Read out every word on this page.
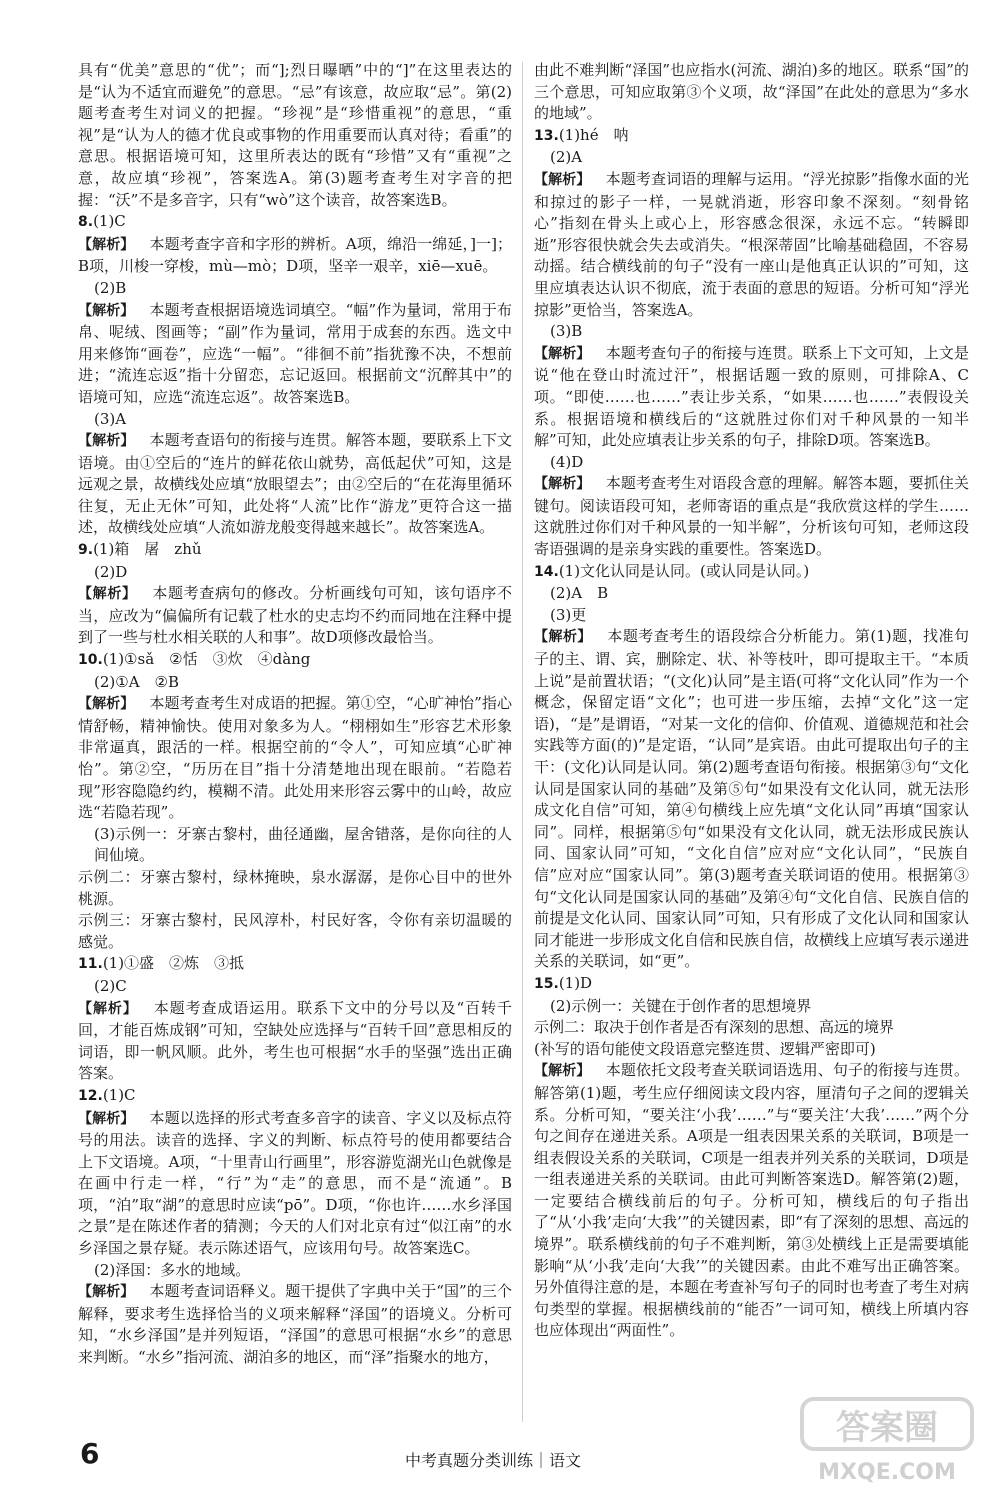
具有“优美”意思的“优”；而“];烈日曝晒”中的“]”在这里表达的是“认为不适宜而避免”的意思。“忌”有该意，故应取“忌”。第(2)题考查考生对词义的把握。“珍视”是“珍惜重视”的意思，“重视”是“认为人的德才优良或事物的作用重要而认真对待；看重”的意思。根据语境可知，这里所表达的既有“珍惜”又有“重视”之意，故应填“珍视”，答案选A。第(3)题考查考生对字音的把握：“沃”不是多音字，只有“wò”这个读音，故答案选B。

8.(1)C

【解析】  本题考查字音和字形的辨析。A项，绵沿一绵延，]一]；B项，川梭一穿梭，mù—mò；D项，坚辛一艰辛，xiē—xuē。

(2)B

【解析】  本题考查根据语境选词填空。“幅”作为量词，常用于布帛、呢绒、图画等；“副”作为量词，常用于成套的东西。选文中用来修饰“画卷”，应选“一幅”。“徘徊不前”指犹豫不决，不想前进；“流连忘返”指十分留恋，忘记返回。根据前文“沉醉其中”的语境可知，应选“流连忘返”。故答案选B。

(3)A

【解析】  本题考查语句的衔接与连贯。解答本题，要联系上下文语境。由①空后的“连片的鲜花依山就势，高低起伏”可知，这是远观之景，故横线处应填“放眼望去”；由②空后的“在花海里循环往复，无止无休”可知，此处将“人流”比作“游龙”更符合这一描述，故横线处应填“人流如游龙般变得越来越长”。故答案选A。

9.(1)箱　屠　zhǔ

(2)D

【解析】  本题考查病句的修改。分析画线句可知，该句语序不当，应改为“偏偏所有记载了杜水的史志均不约而同地在注释中提到了一些与杜水相关联的人和事”。故D项修改最恰当。

10.(1)①sǎ　②恬　③炊　④dàng

(2)①A　②B

【解析】  本题考查考生对成语的把握。第①空，“心旷神怡”指心情舒畅，精神愉快。使用对象多为人。“栩栩如生”形容艺术形象非常逼真，跟活的一样。根据空前的“令人”，可知应填“心旷神怡”。第②空，“历历在目”指十分清楚地出现在眼前。“若隐若现”形容隐隐约约，模糊不清。此处用来形容云雾中的山岭，故应选“若隐若现”。

(3)示例一：牙寨古黎村，曲径通幽，屋舍错落，是你向往的人间仙境。

示例二：牙寨古黎村，绿林掩映，泉水潺潺，是你心目中的世外桃源。

示例三：牙寨古黎村，民风淳朴，村民好客，令你有亲切温暖的感觉。

11.(1)①盛　②炼　③抵

(2)C

【解析】  本题考查成语运用。联系下文中的分号以及“百转千回，才能百炼成钢”可知，空缺处应选择与“百转千回”意思相反的词语，即一帆风顺。此外，考生也可根据“水手的坚强”选出正确答案。

12.(1)C

【解析】  本题以选择的形式考查多音字的读音、字义以及标点符号的用法。读音的选择、字义的判断、标点符号的使用都要结合上下文语境。A项，“十里青山行画里”，形容游览湖光山色就像是在画中行走一样，“行”为“走”的意思，而不是“流通”。B项，“泊”取“湖”的意思时应读“pō”。D项，“你也许……水乡泽国之景”是在陈述作者的猜测；今天的人们对北京有过“似江南”的水乡泽国之景存疑。表示陈述语气，应该用句号。故答案选C。

(2)泽国：多水的地域。

【解析】  本题考查词语释义。题干提供了字典中关于“国”的三个解释，要求考生选择恰当的义项来解释“泽国”的语境义。分析可知，“水乡泽国”是并列短语，“泽国”的意思可根据“水乡”的意思来判断。“水乡”指河流、湖泊多的地区，而“泽”指聚水的地方，

由此不难判断“泽国”也应指水(河流、湖泊)多的地区。联系“国”的三个意思，可知应取第③个义项，故“泽国”在此处的意思为“多水的地域”。

13.(1)hé　呐

(2)A

【解析】  本题考查词语的理解与运用。“浮光掠影”指像水面的光和掠过的影子一样，一晃就消逝，形容印象不深刻。“刻骨铭心”指刻在骨头上或心上，形容感念很深，永远不忘。“转瞬即逝”形容很快就会失去或消失。“根深蒂固”比喻基础稳固，不容易动摇。结合横线前的句子“没有一座山是他真正认识的”可知，这里应填表达认识不彻底，流于表面的意思的短语。分析可知“浮光掠影”更恰当，答案选A。

(3)B

【解析】  本题考查句子的衔接与连贯。联系上下文可知，上文是说“他在登山时流过汗”，根据话题一致的原则，可排除A、C项。“即使……也……”表让步关系，“如果……也……”表假设关系。根据语境和横线后的“这就胜过你们对千种风景的一知半解”可知，此处应填表让步关系的句子，排除D项。答案选B。

(4)D

【解析】  本题考查考生对语段含意的理解。解答本题，要抓住关键句。阅读语段可知，老师寄语的重点是“我欣赏这样的学生……这就胜过你们对千种风景的一知半解”，分析该句可知，老师这段寄语强调的是亲身实践的重要性。答案选D。

14.(1)文化认同是认同。(或认同是认同。)

(2)A　B

(3)更

【解析】  本题考查考生的语段综合分析能力。第(1)题，找准句子的主、谓、宾，删除定、状、补等枝叶，即可提取主干。“本质上说”是前置状语；“(文化)认同”是主语(可将“文化认同”作为一个概念，保留定语“文化”；也可进一步压缩，去掉“文化”这一定语)，“是”是谓语，“对某一文化的信仰、价值观、道德规范和社会实践等方面(的)”是定语，“认同”是宾语。由此可提取出句子的主干：(文化)认同是认同。第(2)题考查语句衔接。根据第③句“文化认同是国家认同的基础”及第⑤句“如果没有文化认同，就无法形成文化自信”可知，第④句横线上应先填“文化认同”再填“国家认同”。同样，根据第⑤句“如果没有文化认同，就无法形成民族认同、国家认同”可知，“文化自信”应对应“文化认同”，“民族自信”应对应“国家认同”。第(3)题考查关联词语的使用。根据第③句“文化认同是国家认同的基础”及第④句“文化自信、民族自信的前提是文化认同、国家认同”可知，只有形成了文化认同和国家认同才能进一步形成文化自信和民族自信，故横线上应填写表示递进关系的关联词，如“更”。

15.(1)D

(2)示例一：关键在于创作者的思想境界

示例二：取决于创作者是否有深刻的思想、高远的境界

(补写的语句能使文段语意完整连贯、逻辑严密即可)

【解析】  本题依托文段考查关联词语选用、句子的衔接与连贯。解答第(1)题，考生应仔细阅读文段内容，厘清句子之间的逻辑关系。分析可知，“要关注‘小我’……”与“要关注‘大我’……”两个分句之间存在递进关系。A项是一组表因果关系的关联词，B项是一组表假设关系的关联词，C项是一组表并列关系的关联词，D项是一组表递进关系的关联词。由此可判断答案选D。解答第(2)题，一定要结合横线前后的句子。分析可知，横线后的句子指出了“从‘小我’走向‘大我’”的关键因素，即“有了深刻的思想、高远的境界”。联系横线前的句子不难判断，第③处横线上正是需要填能影响“从‘小我’走向‘大我’”的关键因素。由此不难写出正确答案。另外值得注意的是，本题在考查补写句子的同时也考查了考生对病句类型的掌握。根据横线前的“能否”一词可知，横线上所填内容也应体现出“两面性”。

6	中考真题分类训练｜语文
答案圈
MXQE.COM
